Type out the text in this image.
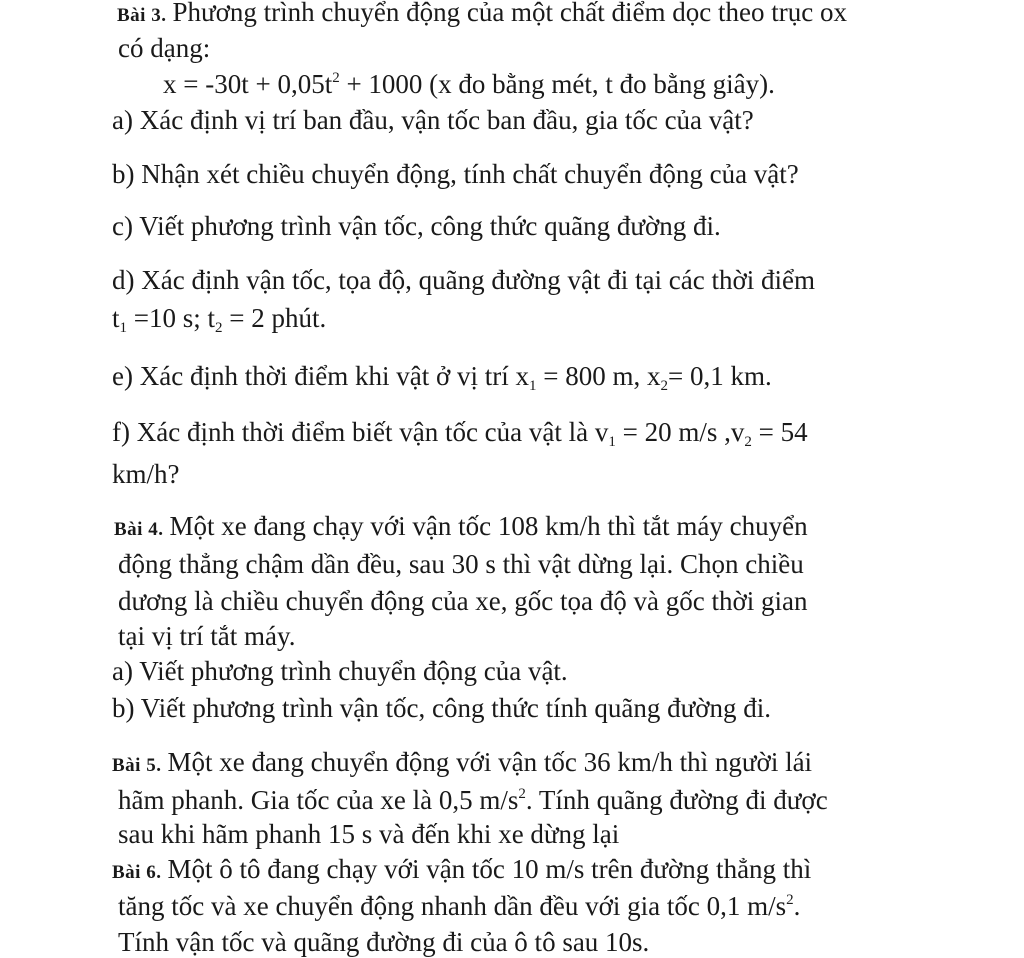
Bài 3. Phương trình chuyển động của một chất điểm dọc theo trục ox
có dạng:
$x = -30t + 0,05t^2 + 1000$ (x đo bằng mét, t đo bằng giây).
a) Xác định vị trí ban đầu, vận tốc ban đầu, gia tốc của vật?
b) Nhận xét chiều chuyển động, tính chất chuyển động của vật?
c) Viết phương trình vận tốc, công thức quãng đường đi.
d) Xác định vận tốc, tọa độ, quãng đường vật đi tại các thời điểm
$t_1 =10$ s; $t_2 = 2$ phút.
e) Xác định thời điểm khi vật ở vị trí $x_1 = 800$ m, $x_2= 0,1$ km.
f) Xác định thời điểm biết vận tốc của vật là $v_1 = 20$ m/s $,v_2 = 54$
km/h?
Bài 4. Một xe đang chạy với vận tốc 108 km/h thì tắt máy chuyển
động thẳng chậm dần đều, sau 30 s thì vật dừng lại. Chọn chiều
dương là chiều chuyển động của xe, gốc tọa độ và gốc thời gian
tại vị trí tắt máy.
a) Viết phương trình chuyển động của vật.
b) Viết phương trình vận tốc, công thức tính quãng đường đi.
Bài 5. Một xe đang chuyển động với vận tốc 36 km/h thì người lái
hãm phanh. Gia tốc của xe là 0,5 $m/s^2$. Tính quãng đường đi được
sau khi hãm phanh 15 s và đến khi xe dừng lại
Bài 6. Một ô tô đang chạy với vận tốc 10 m/s trên đường thẳng thì
tăng tốc và xe chuyển động nhanh dần đều với gia tốc 0,1 $m/s^2$.
Tính vận tốc và quãng đường đi của ô tô sau 10s.
